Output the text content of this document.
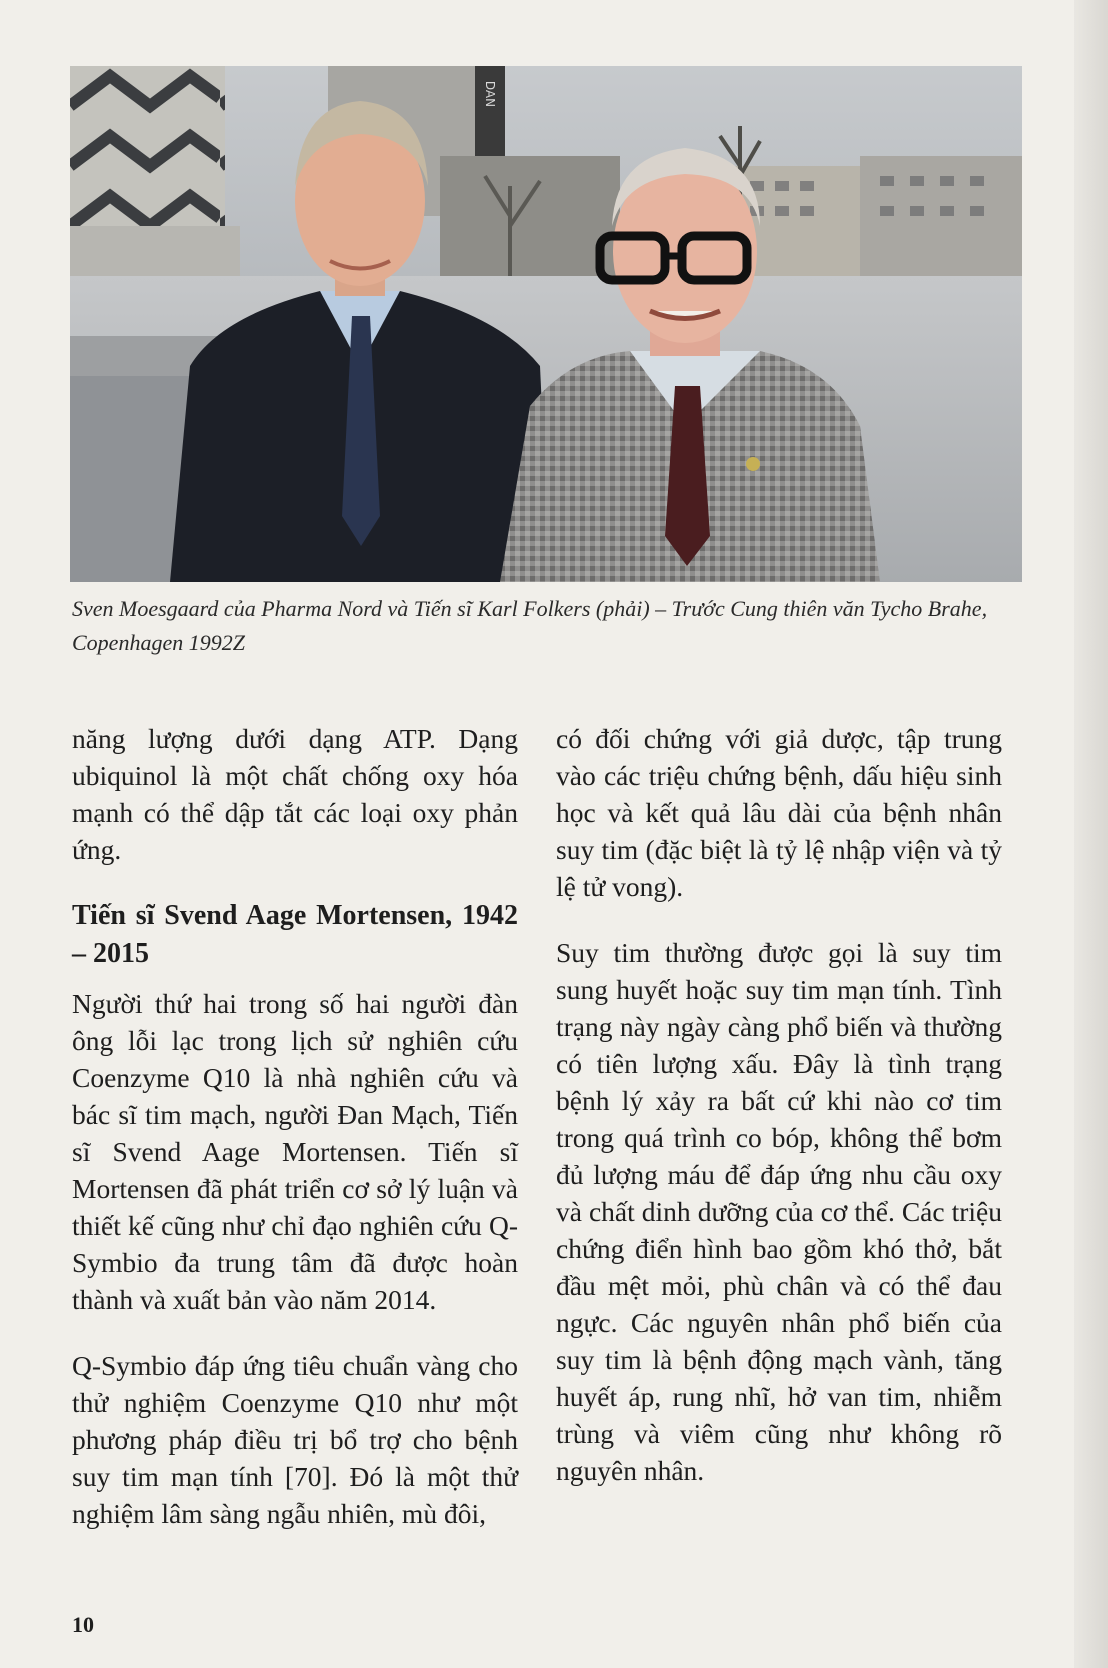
DAN

Sven Moesgaard của Pharma Nord và Tiến sĩ Karl Folkers (phải) – Trước Cung thiên văn Tycho Brahe,

Copenhagen 1992Z

năng lượng dưới dạng ATP. Dạng ubiquinol là một chất chống oxy hóa mạnh có thể dập tắt các loại oxy phản ứng.

Tiến sĩ Svend Aage Mortensen, 1942 – 2015

Người thứ hai trong số hai người đàn ông lỗi lạc trong lịch sử nghiên cứu Coenzyme Q10 là nhà nghiên cứu và bác sĩ tim mạch, người Đan Mạch, Tiến sĩ Svend Aage Mortensen. Tiến sĩ Mortensen đã phát triển cơ sở lý luận và thiết kế cũng như chỉ đạo nghiên cứu Q-Symbio đa trung tâm đã được hoàn thành và xuất bản vào năm 2014.

Q-Symbio đáp ứng tiêu chuẩn vàng cho thử nghiệm Coenzyme Q10 như một phương pháp điều trị bổ trợ cho bệnh suy tim mạn tính [70]. Đó là một thử nghiệm lâm sàng ngẫu nhiên, mù đôi,

có đối chứng với giả dược, tập trung vào các triệu chứng bệnh, dấu hiệu sinh học và kết quả lâu dài của bệnh nhân suy tim (đặc biệt là tỷ lệ nhập viện và tỷ lệ tử vong).

Suy tim thường được gọi là suy tim sung huyết hoặc suy tim mạn tính. Tình trạng này ngày càng phổ biến và thường có tiên lượng xấu. Đây là tình trạng bệnh lý xảy ra bất cứ khi nào cơ tim trong quá trình co bóp, không thể bơm đủ lượng máu để đáp ứng nhu cầu oxy và chất dinh dưỡng của cơ thể. Các triệu chứng điển hình bao gồm khó thở, bắt đầu mệt mỏi, phù chân và có thể đau ngực. Các nguyên nhân phổ biến của suy tim là bệnh động mạch vành, tăng huyết áp, rung nhĩ, hở van tim, nhiễm trùng và viêm cũng như không rõ nguyên nhân.

10
